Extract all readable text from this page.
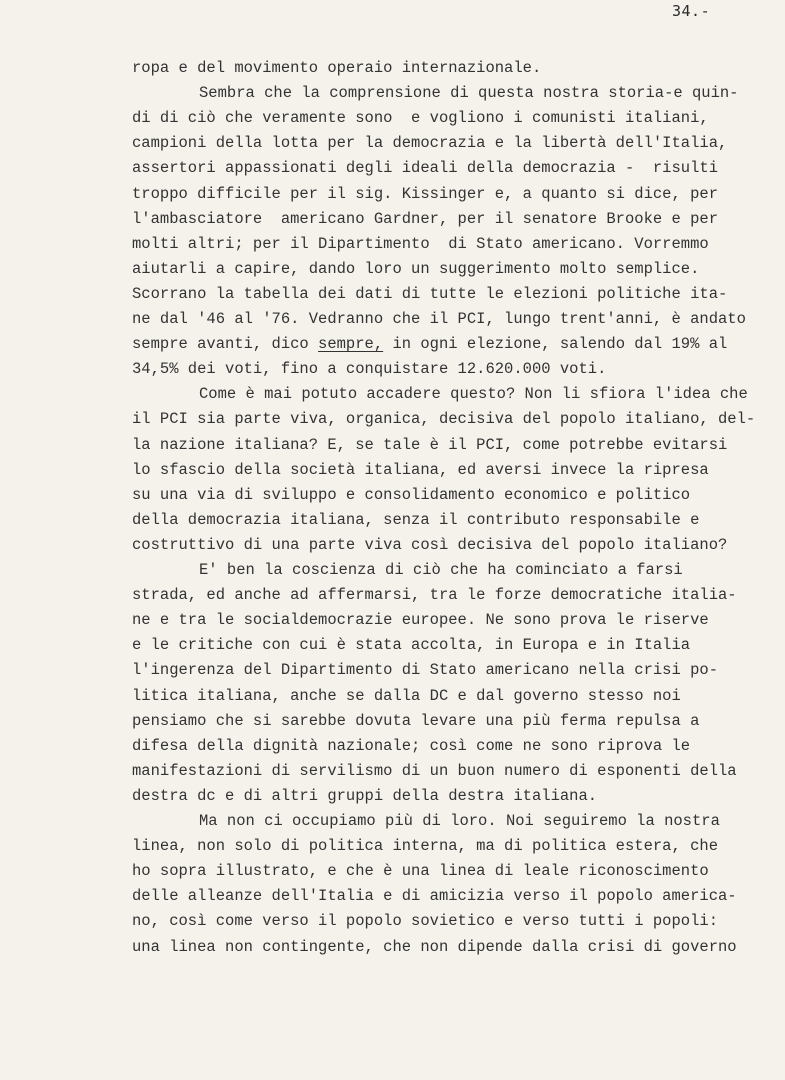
34.-
ropa e del movimento operaio internazionale.
Sembra che la comprensione di questa nostra storia-e quin-
di di ciò che veramente sono  e vogliono i comunisti italiani,
campioni della lotta per la democrazia e la libertà dell'Italia,
assertori appassionati degli ideali della democrazia -  risulti
troppo difficile per il sig. Kissinger e, a quanto si dice, per
l'ambasciatore  americano Gardner, per il senatore Brooke e per
molti altri; per il Dipartimento  di Stato americano. Vorremmo
aiutarli a capire, dando loro un suggerimento molto semplice.
Scorrano la tabella dei dati di tutte le elezioni politiche ita-
ne dal '46 al '76. Vedranno che il PCI, lungo trent'anni, è andato
sempre avanti, dico sempre, in ogni elezione, salendo dal 19% al
34,5% dei voti, fino a conquistare 12.620.000 voti.
Come è mai potuto accadere questo? Non li sfiora l'idea che
il PCI sia parte viva, organica, decisiva del popolo italiano, del-
la nazione italiana? E, se tale è il PCI, come potrebbe evitarsi
lo sfascio della società italiana, ed aversi invece la ripresa
su una via di sviluppo e consolidamento economico e politico
della democrazia italiana, senza il contributo responsabile e
costruttivo di una parte viva così decisiva del popolo italiano?
E' ben la coscienza di ciò che ha cominciato a farsi
strada, ed anche ad affermarsi, tra le forze democratiche italia-
ne e tra le socialdemocrazie europee. Ne sono prova le riserve
e le critiche con cui è stata accolta, in Europa e in Italia
l'ingerenza del Dipartimento di Stato americano nella crisi po-
litica italiana, anche se dalla DC e dal governo stesso noi
pensiamo che si sarebbe dovuta levare una più ferma repulsa a
difesa della dignità nazionale; così come ne sono riprova le
manifestazioni di servilismo di un buon numero di esponenti della
destra dc e di altri gruppi della destra italiana.
Ma non ci occupiamo più di loro. Noi seguiremo la nostra
linea, non solo di politica interna, ma di politica estera, che
ho sopra illustrato, e che è una linea di leale riconoscimento
delle alleanze dell'Italia e di amicizia verso il popolo america-
no, così come verso il popolo sovietico e verso tutti i popoli:
una linea non contingente, che non dipende dalla crisi di governo
